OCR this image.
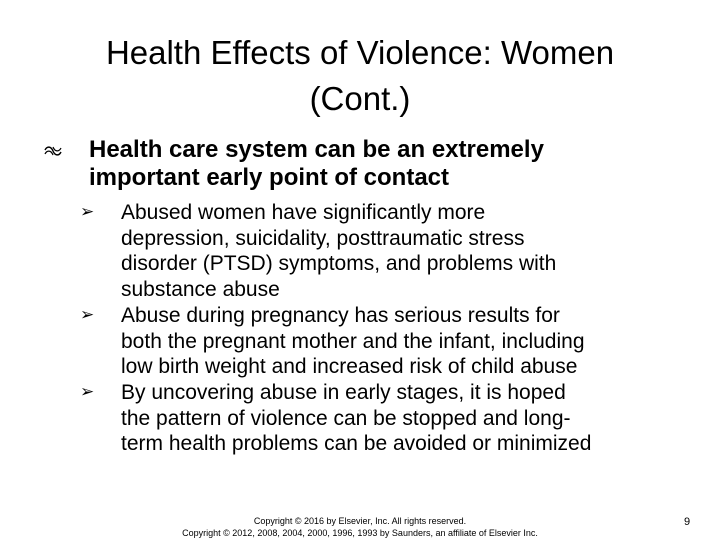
Health Effects of Violence: Women
(Cont.)
Health care system can be an extremely
important early point of contact
➢ Abused women have significantly more
depression, suicidality, posttraumatic stress
disorder (PTSD) symptoms, and problems with
substance abuse
➢ Abuse during pregnancy has serious results for
both the pregnant mother and the infant, including
low birth weight and increased risk of child abuse
➢ By uncovering abuse in early stages, it is hoped
the pattern of violence can be stopped and long-
term health problems can be avoided or minimized
Copyright © 2016 by Elsevier, Inc. All rights reserved.
Copyright © 2012, 2008, 2004, 2000, 1996, 1993 by Saunders, an affiliate of Elsevier Inc.
9
